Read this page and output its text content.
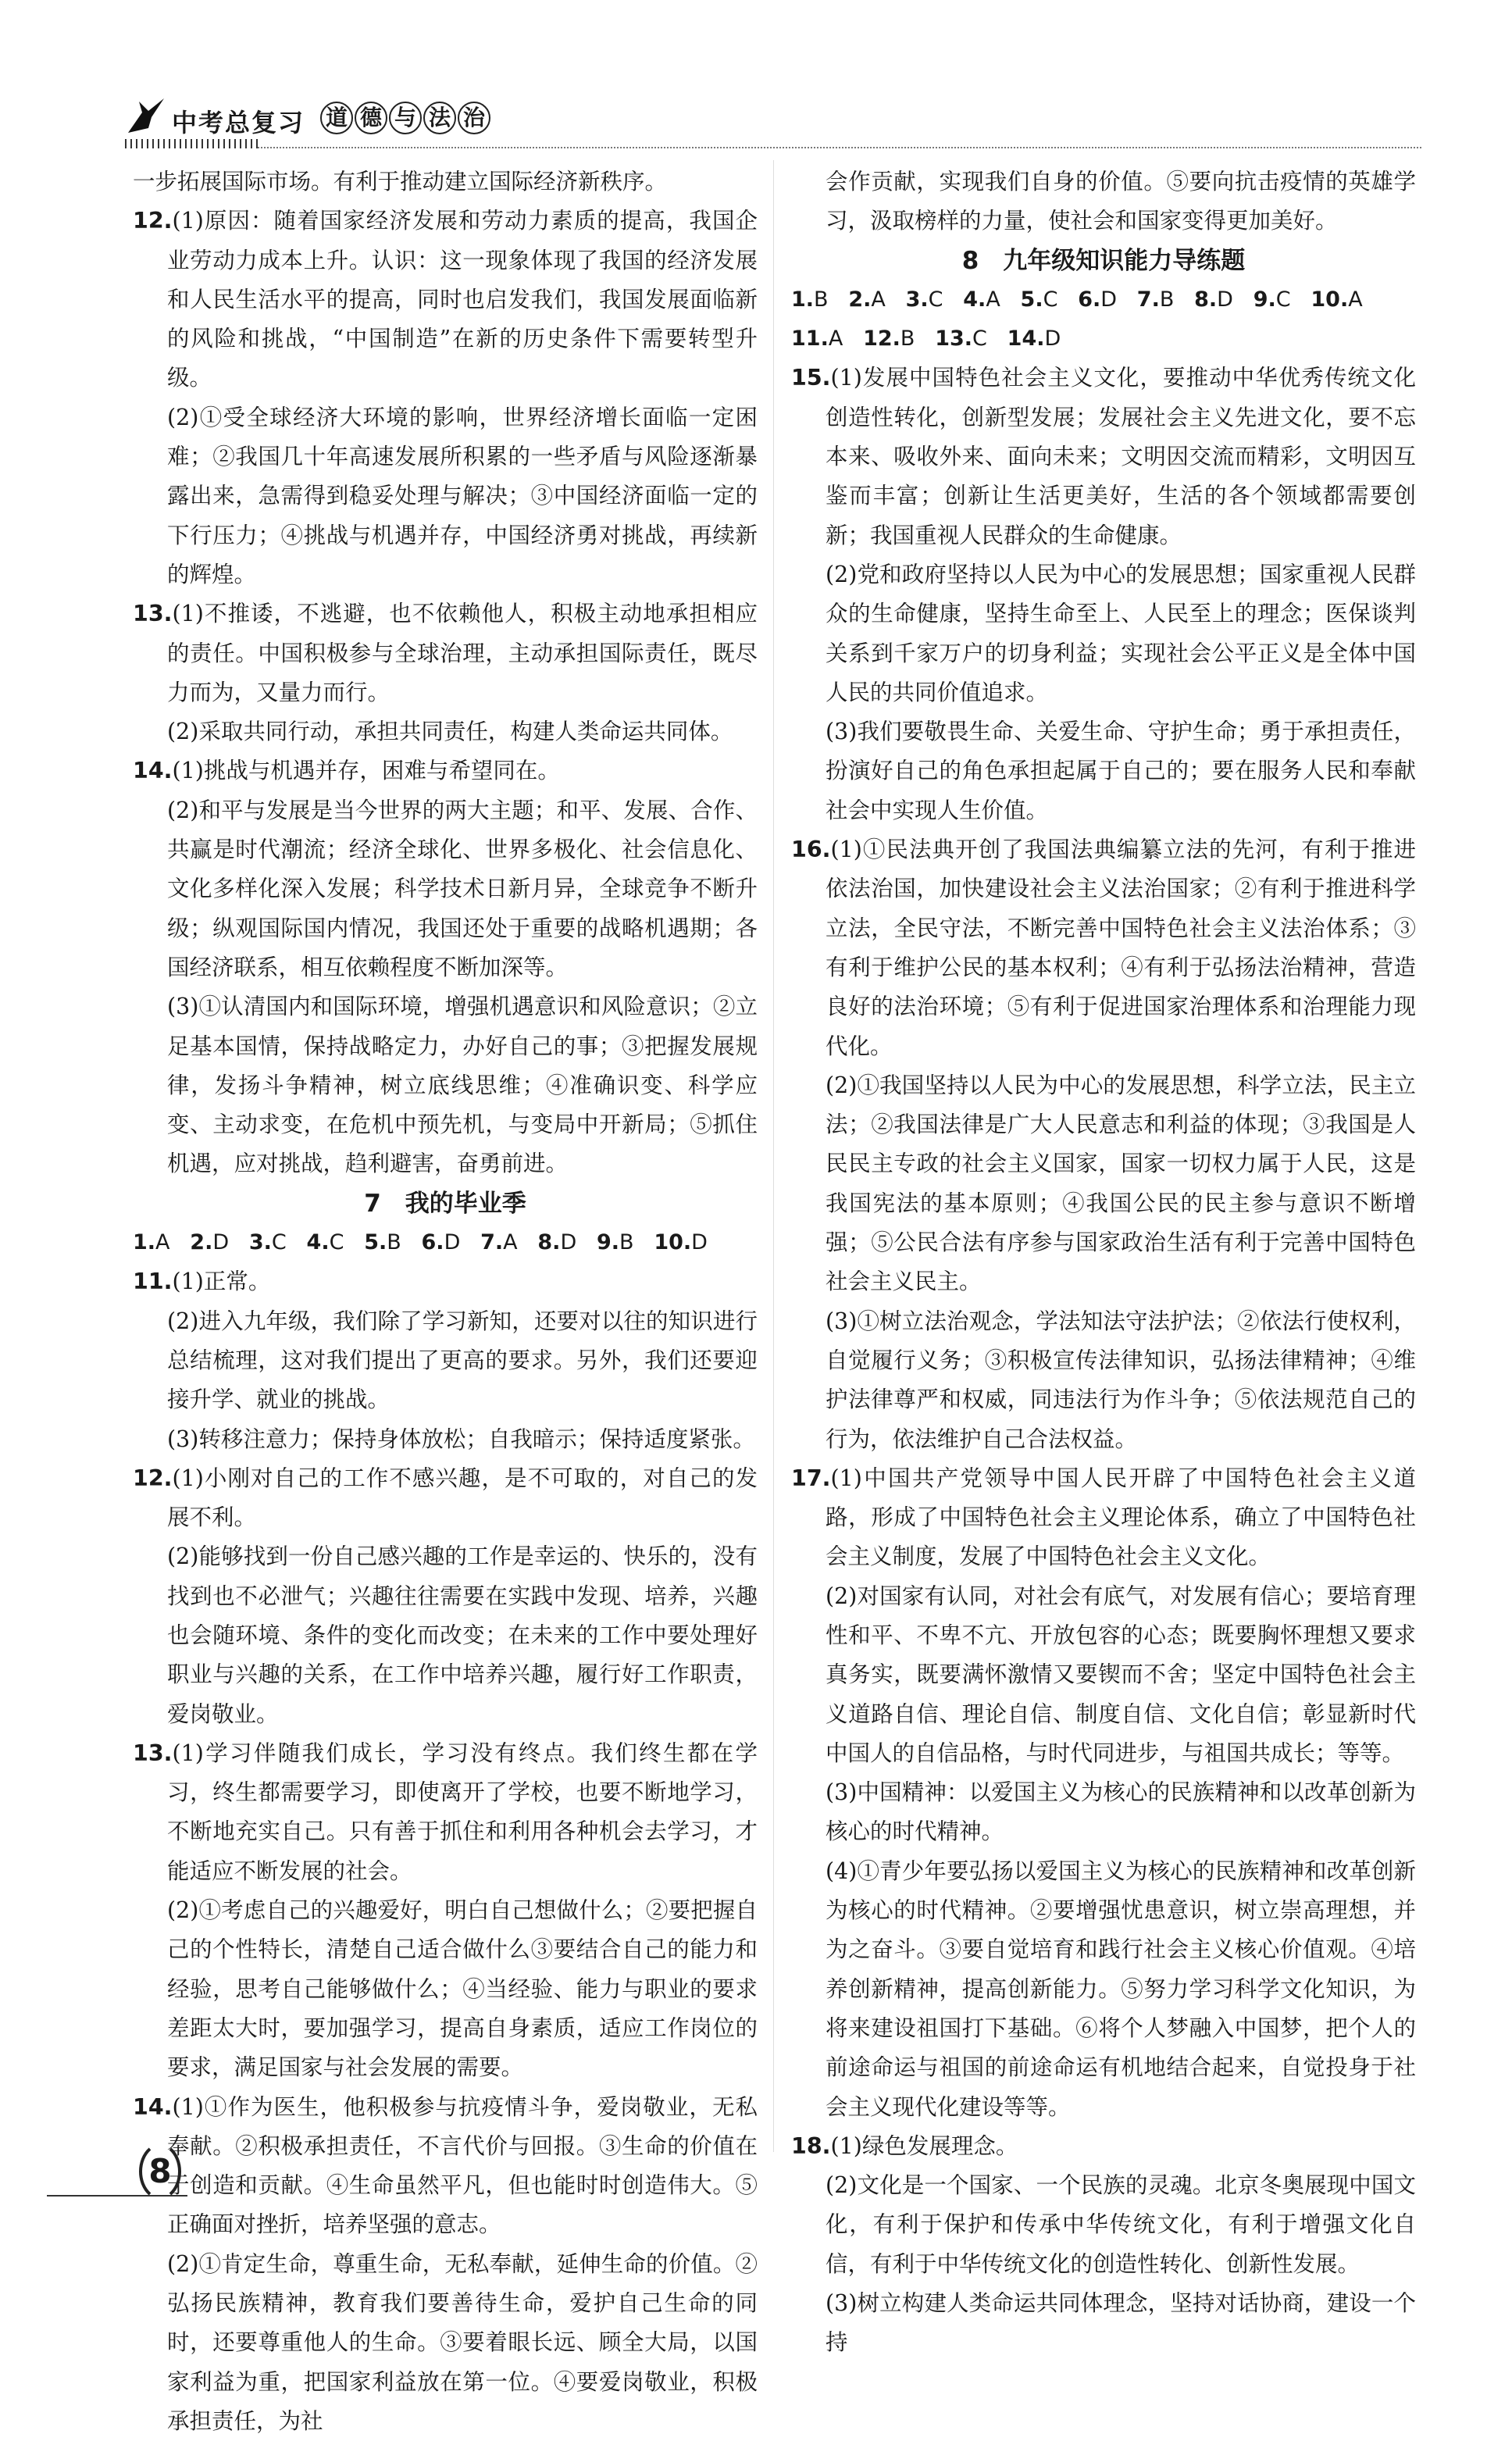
中考总复习 道 德 与 法 治

一步拓展国际市场。有利于推动建立国际经济新秩序。

12.(1)原因：随着国家经济发展和劳动力素质的提高，我国企业劳动力成本上升。认识：这一现象体现了我国的经济发展和人民生活水平的提高，同时也启发我们，我国发展面临新的风险和挑战，“中国制造”在新的历史条件下需要转型升级。

(2)①受全球经济大环境的影响，世界经济增长面临一定困难；②我国几十年高速发展所积累的一些矛盾与风险逐渐暴露出来，急需得到稳妥处理与解决；③中国经济面临一定的下行压力；④挑战与机遇并存，中国经济勇对挑战，再续新的辉煌。

13.(1)不推诿，不逃避，也不依赖他人，积极主动地承担相应的责任。中国积极参与全球治理，主动承担国际责任，既尽力而为，又量力而行。

(2)采取共同行动，承担共同责任，构建人类命运共同体。

14.(1)挑战与机遇并存，困难与希望同在。

(2)和平与发展是当今世界的两大主题；和平、发展、合作、共赢是时代潮流；经济全球化、世界多极化、社会信息化、文化多样化深入发展；科学技术日新月异，全球竞争不断升级；纵观国际国内情况，我国还处于重要的战略机遇期；各国经济联系，相互依赖程度不断加深等。

(3)①认清国内和国际环境，增强机遇意识和风险意识；②立足基本国情，保持战略定力，办好自己的事；③把握发展规律，发扬斗争精神，树立底线思维；④准确识变、科学应变、主动求变，在危机中预先机，与变局中开新局；⑤抓住机遇，应对挑战，趋利避害，奋勇前进。

7　我的毕业季

1.A 2.D 3.C 4.C 5.B 6.D 7.A 8.D 9.B 10.D

11.(1)正常。

(2)进入九年级，我们除了学习新知，还要对以往的知识进行总结梳理，这对我们提出了更高的要求。另外，我们还要迎接升学、就业的挑战。

(3)转移注意力；保持身体放松；自我暗示；保持适度紧张。

12.(1)小刚对自己的工作不感兴趣，是不可取的，对自己的发展不利。

(2)能够找到一份自己感兴趣的工作是幸运的、快乐的，没有找到也不必泄气；兴趣往往需要在实践中发现、培养，兴趣也会随环境、条件的变化而改变；在未来的工作中要处理好职业与兴趣的关系，在工作中培养兴趣，履行好工作职责，爱岗敬业。

13.(1)学习伴随我们成长，学习没有终点。我们终生都在学习，终生都需要学习，即使离开了学校，也要不断地学习，不断地充实自己。只有善于抓住和利用各种机会去学习，才能适应不断发展的社会。

(2)①考虑自己的兴趣爱好，明白自己想做什么；②要把握自己的个性特长，清楚自己适合做什么③要结合自己的能力和经验，思考自己能够做什么；④当经验、能力与职业的要求差距太大时，要加强学习，提高自身素质，适应工作岗位的要求，满足国家与社会发展的需要。

14.(1)①作为医生，他积极参与抗疫情斗争，爱岗敬业，无私奉献。②积极承担责任，不言代价与回报。③生命的价值在于创造和贡献。④生命虽然平凡，但也能时时创造伟大。⑤正确面对挫折，培养坚强的意志。

(2)①肯定生命，尊重生命，无私奉献，延伸生命的价值。②弘扬民族精神，教育我们要善待生命，爱护自己生命的同时，还要尊重他人的生命。③要着眼长远、顾全大局，以国家利益为重，把国家利益放在第一位。④要爱岗敬业，积极承担责任，为社

会作贡献，实现我们自身的价值。⑤要向抗击疫情的英雄学习，汲取榜样的力量，使社会和国家变得更加美好。

8　九年级知识能力导练题

1.B 2.A 3.C 4.A 5.C 6.D 7.B 8.D 9.C 10.A

11.A 12.B 13.C 14.D

15.(1)发展中国特色社会主义文化，要推动中华优秀传统文化创造性转化，创新型发展；发展社会主义先进文化，要不忘本来、吸收外来、面向未来；文明因交流而精彩，文明因互鉴而丰富；创新让生活更美好，生活的各个领域都需要创新；我国重视人民群众的生命健康。

(2)党和政府坚持以人民为中心的发展思想；国家重视人民群众的生命健康，坚持生命至上、人民至上的理念；医保谈判关系到千家万户的切身利益；实现社会公平正义是全体中国人民的共同价值追求。

(3)我们要敬畏生命、关爱生命、守护生命；勇于承担责任，扮演好自己的角色承担起属于自己的；要在服务人民和奉献社会中实现人生价值。

16.(1)①民法典开创了我国法典编纂立法的先河，有利于推进依法治国，加快建设社会主义法治国家；②有利于推进科学立法，全民守法，不断完善中国特色社会主义法治体系；③有利于维护公民的基本权利；④有利于弘扬法治精神，营造良好的法治环境；⑤有利于促进国家治理体系和治理能力现代化。

(2)①我国坚持以人民为中心的发展思想，科学立法，民主立法；②我国法律是广大人民意志和利益的体现；③我国是人民民主专政的社会主义国家，国家一切权力属于人民，这是我国宪法的基本原则；④我国公民的民主参与意识不断增强；⑤公民合法有序参与国家政治生活有利于完善中国特色社会主义民主。

(3)①树立法治观念，学法知法守法护法；②依法行使权利，自觉履行义务；③积极宣传法律知识，弘扬法律精神；④维护法律尊严和权威，同违法行为作斗争；⑤依法规范自己的行为，依法维护自己合法权益。

17.(1)中国共产党领导中国人民开辟了中国特色社会主义道路，形成了中国特色社会主义理论体系，确立了中国特色社会主义制度，发展了中国特色社会主义文化。

(2)对国家有认同，对社会有底气，对发展有信心；要培育理性和平、不卑不亢、开放包容的心态；既要胸怀理想又要求真务实，既要满怀激情又要锲而不舍；坚定中国特色社会主义道路自信、理论自信、制度自信、文化自信；彰显新时代中国人的自信品格，与时代同进步，与祖国共成长；等等。

(3)中国精神：以爱国主义为核心的民族精神和以改革创新为核心的时代精神。

(4)①青少年要弘扬以爱国主义为核心的民族精神和改革创新为核心的时代精神。②要增强忧患意识，树立崇高理想，并为之奋斗。③要自觉培育和践行社会主义核心价值观。④培养创新精神，提高创新能力。⑤努力学习科学文化知识，为将来建设祖国打下基础。⑥将个人梦融入中国梦，把个人的前途命运与祖国的前途命运有机地结合起来，自觉投身于社会主义现代化建设等等。

18.(1)绿色发展理念。

(2)文化是一个国家、一个民族的灵魂。北京冬奥展现中国文化，有利于保护和传承中华传统文化，有利于增强文化自信，有利于中华传统文化的创造性转化、创新性发展。

(3)树立构建人类命运共同体理念，坚持对话协商，建设一个持

8
